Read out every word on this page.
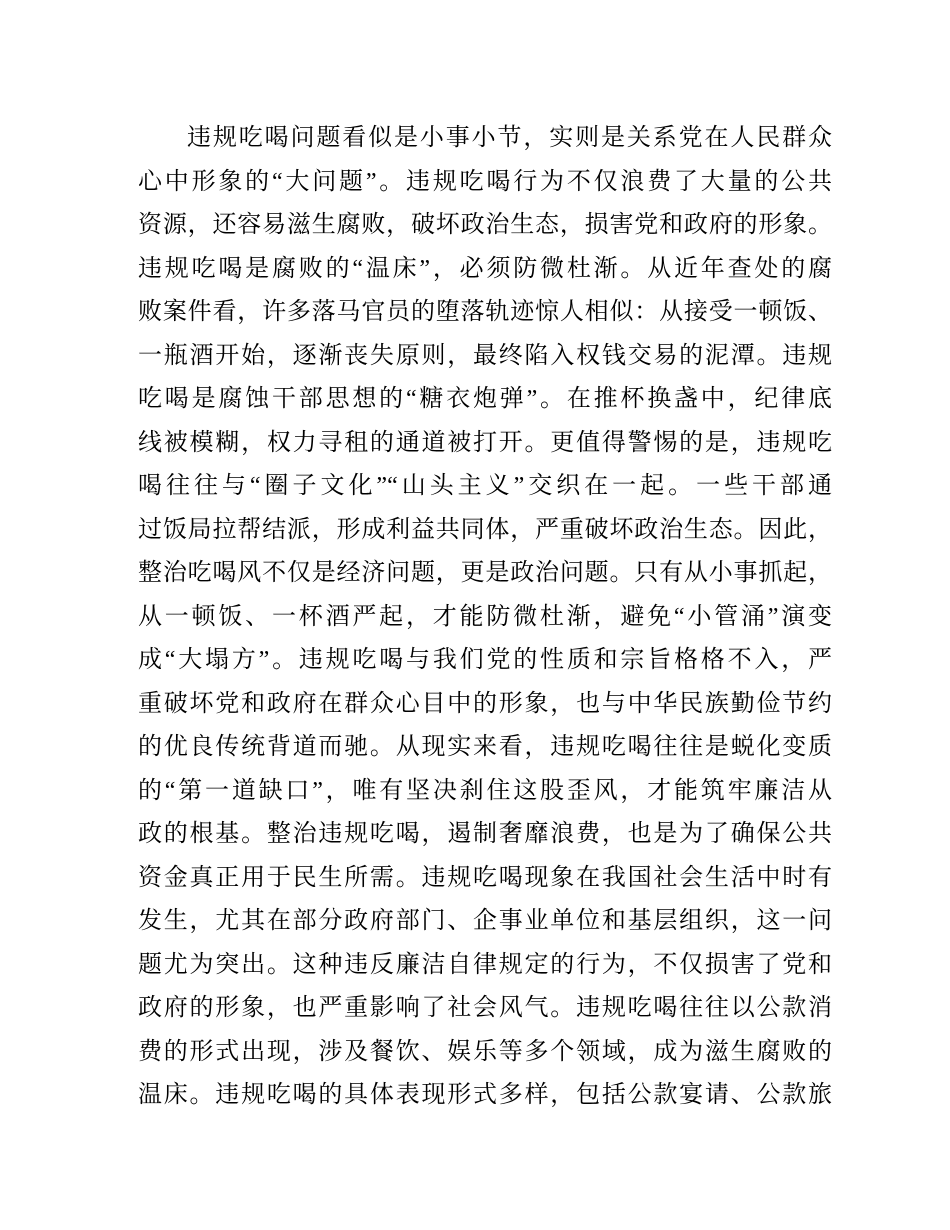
违规吃喝问题看似是小事小节，实则是关系党在人民群众
心中形象的“大问题”。违规吃喝行为不仅浪费了大量的公共
资源，还容易滋生腐败，破坏政治生态，损害党和政府的形象。
违规吃喝是腐败的“温床”，必须防微杜渐。从近年查处的腐
败案件看，许多落马官员的堕落轨迹惊人相似：从接受一顿饭、
一瓶酒开始，逐渐丧失原则，最终陷入权钱交易的泥潭。违规
吃喝是腐蚀干部思想的“糖衣炮弹”。在推杯换盏中，纪律底
线被模糊，权力寻租的通道被打开。更值得警惕的是，违规吃
喝往往与“圈子文化”“山头主义”交织在一起。一些干部通
过饭局拉帮结派，形成利益共同体，严重破坏政治生态。因此，
整治吃喝风不仅是经济问题，更是政治问题。只有从小事抓起，
从一顿饭、一杯酒严起，才能防微杜渐，避免“小管涌”演变
成“大塌方”。违规吃喝与我们党的性质和宗旨格格不入，严
重破坏党和政府在群众心目中的形象，也与中华民族勤俭节约
的优良传统背道而驰。从现实来看，违规吃喝往往是蜕化变质
的“第一道缺口”，唯有坚决刹住这股歪风，才能筑牢廉洁从
政的根基。整治违规吃喝，遏制奢靡浪费，也是为了确保公共
资金真正用于民生所需。违规吃喝现象在我国社会生活中时有
发生，尤其在部分政府部门、企事业单位和基层组织，这一问
题尤为突出。这种违反廉洁自律规定的行为，不仅损害了党和
政府的形象，也严重影响了社会风气。违规吃喝往往以公款消
费的形式出现，涉及餐饮、娱乐等多个领域，成为滋生腐败的
温床。违规吃喝的具体表现形式多样，包括公款宴请、公款旅
